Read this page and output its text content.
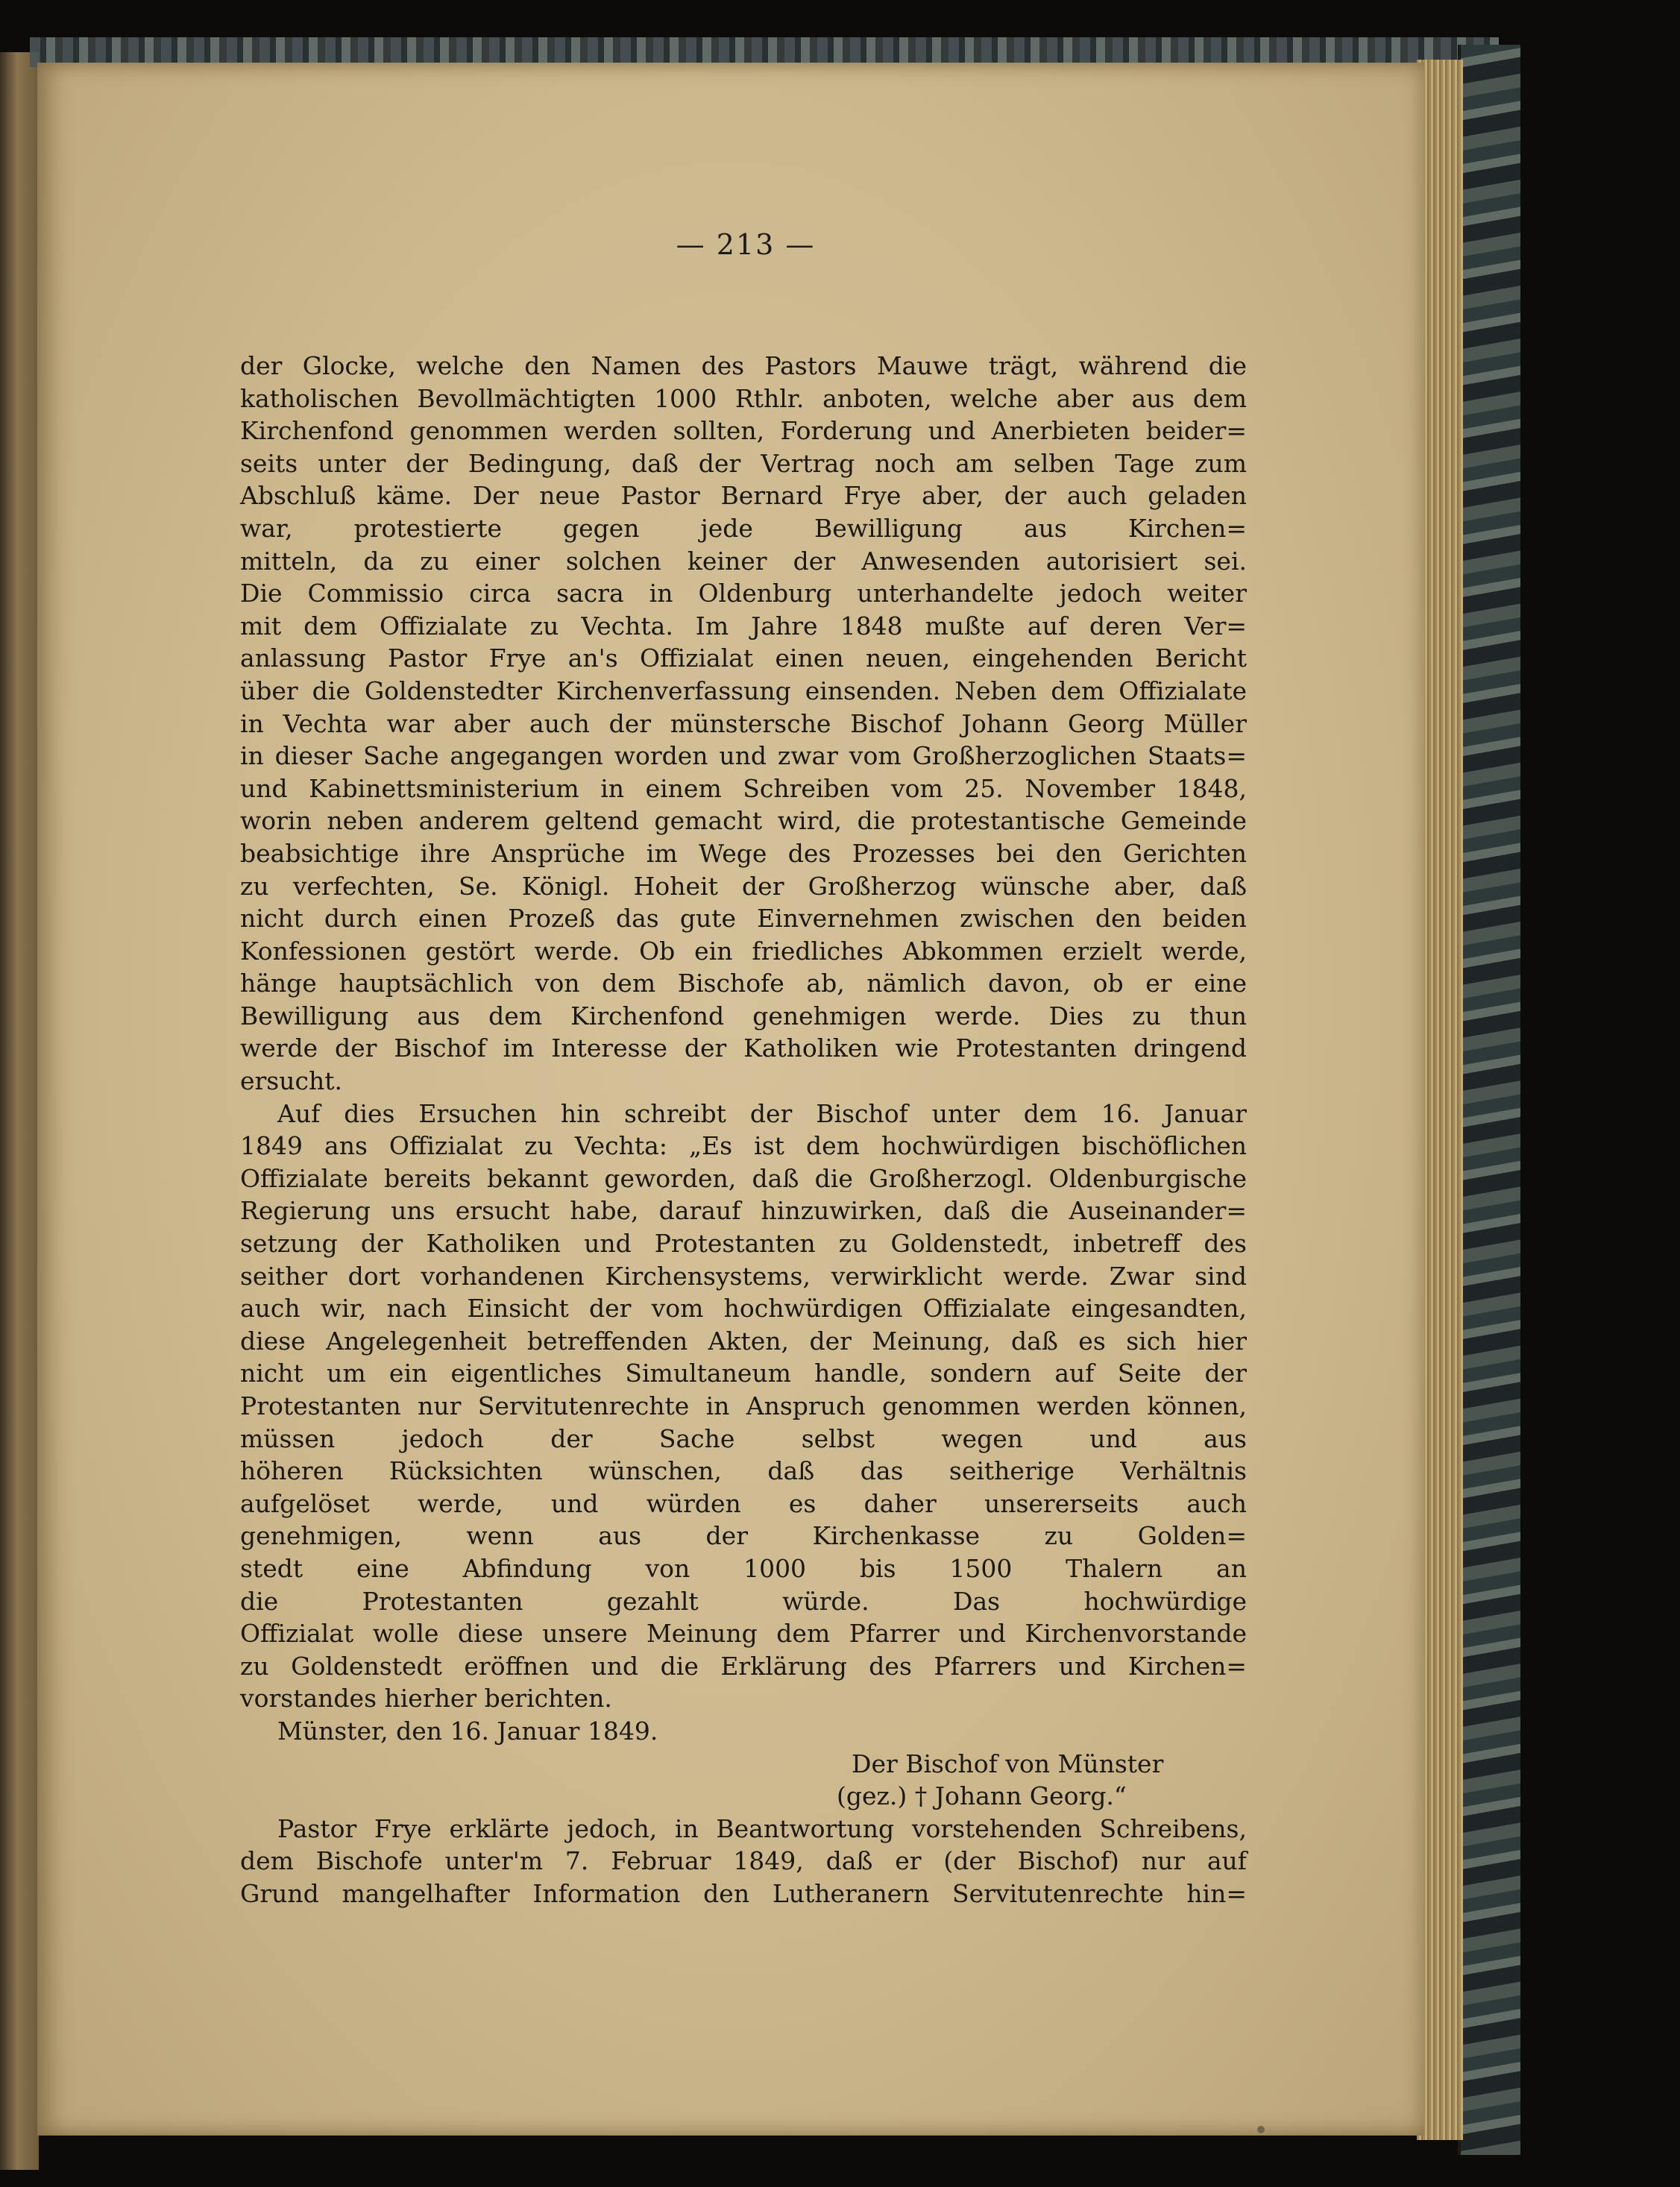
— 213 —
der Glocke, welche den Namen des Pastors Mauwe trägt, während die
katholischen Bevollmächtigten 1000 Rthlr. anboten, welche aber aus dem
Kirchenfond genommen werden sollten, Forderung und Anerbieten beider=
seits unter der Bedingung, daß der Vertrag noch am selben Tage zum
Abschluß käme. Der neue Pastor Bernard Frye aber, der auch geladen
war, protestierte gegen jede Bewilligung aus Kirchen=
mitteln, da zu einer solchen keiner der Anwesenden autorisiert sei.
Die Commissio circa sacra in Oldenburg unterhandelte jedoch weiter
mit dem Offizialate zu Vechta. Im Jahre 1848 mußte auf deren Ver=
anlassung Pastor Frye an's Offizialat einen neuen, eingehenden Bericht
über die Goldenstedter Kirchenverfassung einsenden. Neben dem Offizialate
in Vechta war aber auch der münstersche Bischof Johann Georg Müller
in dieser Sache angegangen worden und zwar vom Großherzoglichen Staats=
und Kabinettsministerium in einem Schreiben vom 25. November 1848,
worin neben anderem geltend gemacht wird, die protestantische Gemeinde
beabsichtige ihre Ansprüche im Wege des Prozesses bei den Gerichten
zu verfechten, Se. Königl. Hoheit der Großherzog wünsche aber, daß
nicht durch einen Prozeß das gute Einvernehmen zwischen den beiden
Konfessionen gestört werde. Ob ein friedliches Abkommen erzielt werde,
hänge hauptsächlich von dem Bischofe ab, nämlich davon, ob er eine
Bewilligung aus dem Kirchenfond genehmigen werde. Dies zu thun
werde der Bischof im Interesse der Katholiken wie Protestanten dringend
ersucht.
Auf dies Ersuchen hin schreibt der Bischof unter dem 16. Januar
1849 ans Offizialat zu Vechta: „Es ist dem hochwürdigen bischöflichen
Offizialate bereits bekannt geworden, daß die Großherzogl. Oldenburgische
Regierung uns ersucht habe, darauf hinzuwirken, daß die Auseinander=
setzung der Katholiken und Protestanten zu Goldenstedt, inbetreff des
seither dort vorhandenen Kirchensystems, verwirklicht werde. Zwar sind
auch wir, nach Einsicht der vom hochwürdigen Offizialate eingesandten,
diese Angelegenheit betreffenden Akten, der Meinung, daß es sich hier
nicht um ein eigentliches Simultaneum handle, sondern auf Seite der
Protestanten nur Servitutenrechte in Anspruch genommen werden können,
müssen jedoch der Sache selbst wegen und aus
höheren Rücksichten wünschen, daß das seitherige Verhältnis
aufgelöset werde, und würden es daher unsererseits auch
genehmigen, wenn aus der Kirchenkasse zu Golden=
stedt eine Abfindung von 1000 bis 1500 Thalern an
die Protestanten gezahlt würde. Das hochwürdige
Offizialat wolle diese unsere Meinung dem Pfarrer und Kirchenvorstande
zu Goldenstedt eröffnen und die Erklärung des Pfarrers und Kirchen=
vorstandes hierher berichten.
Münster, den 16. Januar 1849.
Der Bischof von Münster
(gez.) † Johann Georg.“
Pastor Frye erklärte jedoch, in Beantwortung vorstehenden Schreibens,
dem Bischofe unter'm 7. Februar 1849, daß er (der Bischof) nur auf
Grund mangelhafter Information den Lutheranern Servitutenrechte hin=
